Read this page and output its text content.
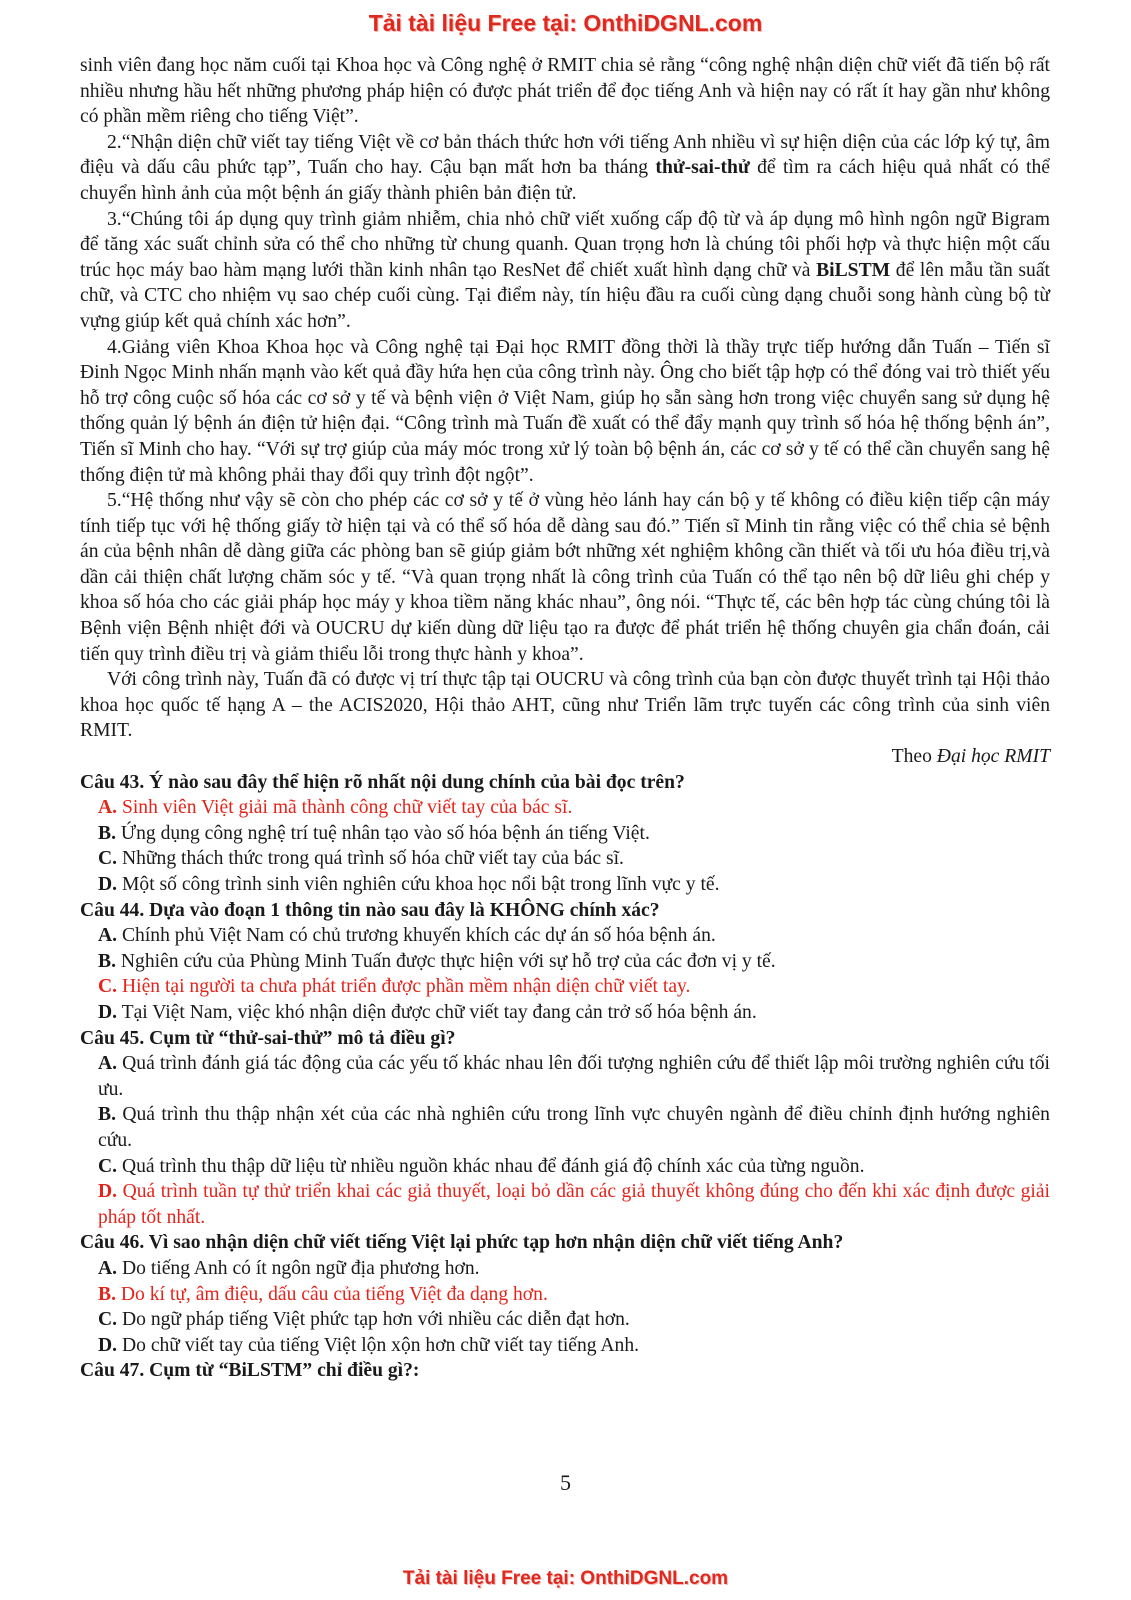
Tải tài liệu Free tại: OnthiDGNL.com

sinh viên đang học năm cuối tại Khoa học và Công nghệ ở RMIT chia sẻ rằng “công nghệ nhận diện chữ viết đã tiến bộ rất nhiều nhưng hầu hết những phương pháp hiện có được phát triển để đọc tiếng Anh và hiện nay có rất ít hay gần như không có phần mềm riêng cho tiếng Việt”.

2.“Nhận diện chữ viết tay tiếng Việt về cơ bản thách thức hơn với tiếng Anh nhiều vì sự hiện diện của các lớp ký tự, âm điệu và dấu câu phức tạp”, Tuấn cho hay. Cậu bạn mất hơn ba tháng thử-sai-thử để tìm ra cách hiệu quả nhất có thể chuyển hình ảnh của một bệnh án giấy thành phiên bản điện tử.

3.“Chúng tôi áp dụng quy trình giảm nhiễm, chia nhỏ chữ viết xuống cấp độ từ và áp dụng mô hình ngôn ngữ Bigram để tăng xác suất chỉnh sửa có thể cho những từ chung quanh. Quan trọng hơn là chúng tôi phối hợp và thực hiện một cấu trúc học máy bao hàm mạng lưới thần kinh nhân tạo ResNet để chiết xuất hình dạng chữ và BiLSTM để lên mẫu tần suất chữ, và CTC cho nhiệm vụ sao chép cuối cùng. Tại điểm này, tín hiệu đầu ra cuối cùng dạng chuỗi song hành cùng bộ từ vựng giúp kết quả chính xác hơn”.

4.Giảng viên Khoa Khoa học và Công nghệ tại Đại học RMIT đồng thời là thầy trực tiếp hướng dẫn Tuấn – Tiến sĩ Đinh Ngọc Minh nhấn mạnh vào kết quả đầy hứa hẹn của công trình này. Ông cho biết tập hợp có thể đóng vai trò thiết yếu hỗ trợ công cuộc số hóa các cơ sở y tế và bệnh viện ở Việt Nam, giúp họ sẵn sàng hơn trong việc chuyển sang sử dụng hệ thống quản lý bệnh án điện tử hiện đại. “Công trình mà Tuấn đề xuất có thể đẩy mạnh quy trình số hóa hệ thống bệnh án”, Tiến sĩ Minh cho hay. “Với sự trợ giúp của máy móc trong xử lý toàn bộ bệnh án, các cơ sở y tế có thể cần chuyển sang hệ thống điện tử mà không phải thay đổi quy trình đột ngột”.

5.“Hệ thống như vậy sẽ còn cho phép các cơ sở y tế ở vùng hẻo lánh hay cán bộ y tế không có điều kiện tiếp cận máy tính tiếp tục với hệ thống giấy tờ hiện tại và có thể số hóa dễ dàng sau đó.” Tiến sĩ Minh tin rằng việc có thể chia sẻ bệnh án của bệnh nhân dễ dàng giữa các phòng ban sẽ giúp giảm bớt những xét nghiệm không cần thiết và tối ưu hóa điều trị,và dần cải thiện chất lượng chăm sóc y tế. “Và quan trọng nhất là công trình của Tuấn có thể tạo nên bộ dữ liêu ghi chép y khoa số hóa cho các giải pháp học máy y khoa tiềm năng khác nhau”, ông nói. “Thực tế, các bên hợp tác cùng chúng tôi là Bệnh viện Bệnh nhiệt đới và OUCRU dự kiến dùng dữ liệu tạo ra được để phát triển hệ thống chuyên gia chẩn đoán, cải tiến quy trình điều trị và giảm thiểu lỗi trong thực hành y khoa”.

Với công trình này, Tuấn đã có được vị trí thực tập tại OUCRU và công trình của bạn còn được thuyết trình tại Hội thảo khoa học quốc tế hạng A – the ACIS2020, Hội thảo AHT, cũng như Triển lãm trực tuyến các công trình của sinh viên RMIT.

Theo Đại học RMIT

Câu 43. Ý nào sau đây thể hiện rõ nhất nội dung chính của bài đọc trên?

A. Sinh viên Việt giải mã thành công chữ viết tay của bác sĩ.

B. Ứng dụng công nghệ trí tuệ nhân tạo vào số hóa bệnh án tiếng Việt.

C. Những thách thức trong quá trình số hóa chữ viết tay của bác sĩ.

D. Một số công trình sinh viên nghiên cứu khoa học nổi bật trong lĩnh vực y tế.

Câu 44. Dựa vào đoạn 1 thông tin nào sau đây là KHÔNG chính xác?

A. Chính phủ Việt Nam có chủ trương khuyến khích các dự án số hóa bệnh án.

B. Nghiên cứu của Phùng Minh Tuấn được thực hiện với sự hỗ trợ của các đơn vị y tế.

C. Hiện tại người ta chưa phát triển được phần mềm nhận diện chữ viết tay.

D. Tại Việt Nam, việc khó nhận diện được chữ viết tay đang cản trở số hóa bệnh án.

Câu 45. Cụm từ “thử-sai-thử” mô tả điều gì?

A. Quá trình đánh giá tác động của các yếu tố khác nhau lên đối tượng nghiên cứu để thiết lập môi trường nghiên cứu tối ưu.

B. Quá trình thu thập nhận xét của các nhà nghiên cứu trong lĩnh vực chuyên ngành để điều chỉnh định hướng nghiên cứu.

C. Quá trình thu thập dữ liệu từ nhiều nguồn khác nhau để đánh giá độ chính xác của từng nguồn.

D. Quá trình tuần tự thử triển khai các giả thuyết, loại bỏ dần các giả thuyết không đúng cho đến khi xác định được giải pháp tốt nhất.

Câu 46. Vì sao nhận diện chữ viết tiếng Việt lại phức tạp hơn nhận diện chữ viết tiếng Anh?

A. Do tiếng Anh có ít ngôn ngữ địa phương hơn.

B. Do kí tự, âm điệu, dấu câu của tiếng Việt đa dạng hơn.

C. Do ngữ pháp tiếng Việt phức tạp hơn với nhiều các diễn đạt hơn.

D. Do chữ viết tay của tiếng Việt lộn xộn hơn chữ viết tay tiếng Anh.

Câu 47. Cụm từ “BiLSTM” chỉ điều gì?:

5
Tải tài liệu Free tại: OnthiDGNL.com
